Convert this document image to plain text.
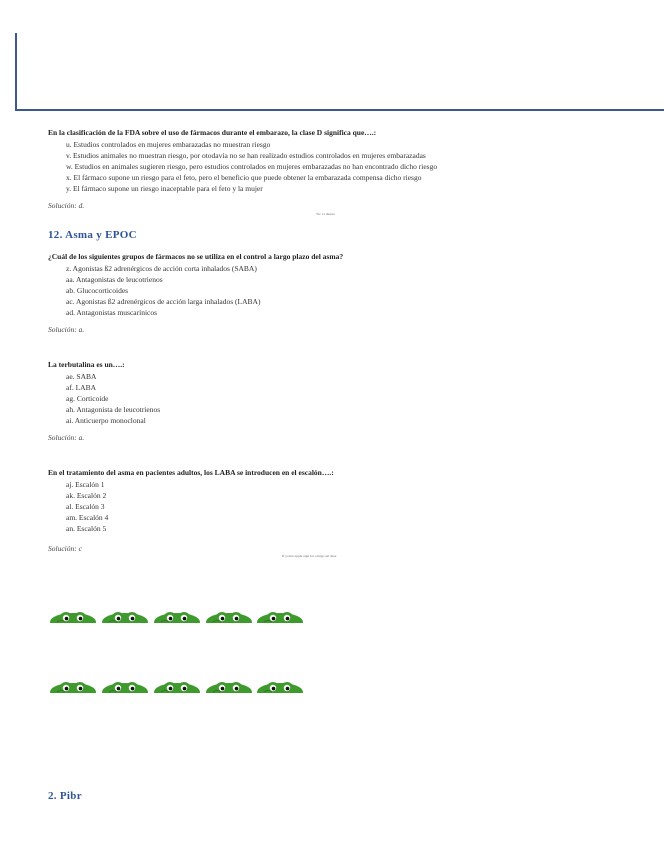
En la clasificación de la FDA sobre el uso de fármacos durante el embarazo, la clase D significa que….:
u. Estudios controlados en mujeres embarazadas no muestran riesgo
v. Estudios animales no muestran riesgo, por otodavía no se han realizado estudios controlados en mujeres embarazadas
w. Estudios en animales sugieren riesgo, pero estudios controlados en mujeres embarazadas no han encontrado dicho riesgo
x. El fármaco supone un riesgo para el feto, pero el beneficio que puede obtener la embarazada compensa dicho riesgo
y. El fármaco supone un riesgo inaceptable para el feto y la mujer
Solución: d.
Tu: 11 desoto
12. Asma y EPOC
¿Cuál de los siguientes grupos de fármacos no se utiliza en el control a largo plazo del asma?
z. Agonistas ß2 adrenérgicos de acción corta inhalados (SABA)
aa. Antagonistas de leucotrienos
ab. Glucocorticoides
ac. Agonistas ß2 adrenérgicos de acción larga inhalados (LABA)
ad. Antagonistas muscarínicos
Solución: a.
La terbutalina es un….:
ae. SABA
af. LABA
ag. Corticoide
ah. Antagonista de leucotrienos
ai. Anticuerpo monoclonal
Solución: a.
En el tratamiento del asma en pacientes adultos, los LABA se introducen en el escalón….:
aj. Escalón 1
ak. Escalón 2
al. Escalón 3
am. Escalón 4
an. Escalón 5
Solución: c
If you're eppie aqui for a hugo sai dese
2. Pibr
